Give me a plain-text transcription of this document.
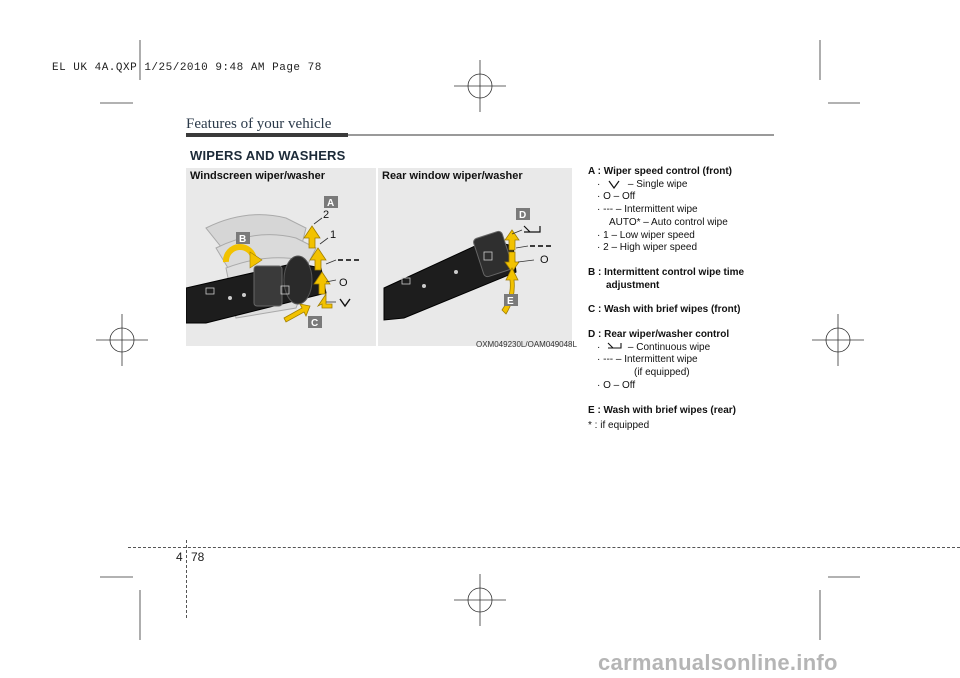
EL UK 4A.QXP 1/25/2010 9:48 AM Page 78
Features of your vehicle
WIPERS AND WASHERS
Windscreen wiper/washer
2
1
O
A
B
C
Rear window wiper/washer
O
D
E
OXM049230L/OAM049048L
A : Wiper speed control (front)
·	– Single wipe
· O – Off
· --- – Intermittent wipe
AUTO* – Auto control wipe
· 1 – Low wiper speed
· 2 – High wiper speed
B : Intermittent control wipe time
adjustment
C : Wash with brief wipes (front)
D : Rear wiper/washer control
·	– Continuous wipe
· --- – Intermittent wipe
(if equipped)
· O – Off
E : Wash with brief wipes (rear)
* : if equipped
4 78
carmanualsonline.info
